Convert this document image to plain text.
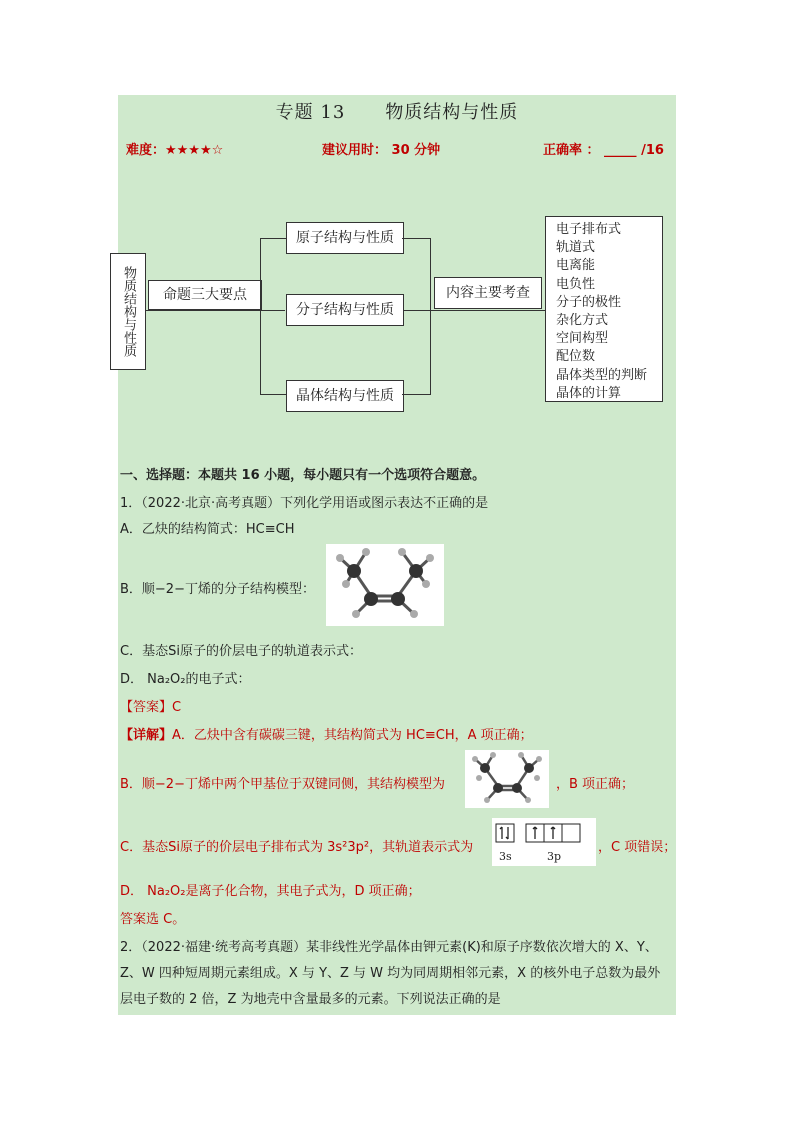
专题 13 物质结构与性质
难度：★★★★☆	建议用时： 30 分钟	正确率 ： _____ /16
物质结构与性质	命题三大要点
原子结构与性质
分子结构与性质
晶体结构与性质
内容主要考查
电子排布式
轨道式
电离能
电负性
分子的极性
杂化方式
空间构型
配位数
晶体类型的判断
晶体的计算
一、选择题：本题共 16 小题，每小题只有一个选项符合题意。
1．（2022·北京·高考真题）下列化学用语或图示表达不正确的是
A．乙炔的结构简式：HC≡CH
B．顺−2−丁烯的分子结构模型：
C．基态Si原子的价层电子的轨道表示式：
D． Na₂O₂的电子式：
【答案】C
【详解】A．乙炔中含有碳碳三键，其结构简式为 HC≡CH，A 项正确；
B．顺−2−丁烯中两个甲基位于双键同侧，其结构模型为	，B 项正确；
C．基态Si原子的价层电子排布式为 3s²3p²，其轨道表示式为
3s	3p
，C 项错误；
D． Na₂O₂是离子化合物，其电子式为，D 项正确；
答案选 C。
2．（2022·福建·统考高考真题）某非线性光学晶体由钾元素(K)和原子序数依次增大的 X、Y、
Z、W 四种短周期元素组成。X 与 Y、Z 与 W 均为同周期相邻元素，X 的核外电子总数为最外
层电子数的 2 倍，Z 为地壳中含量最多的元素。下列说法正确的是
